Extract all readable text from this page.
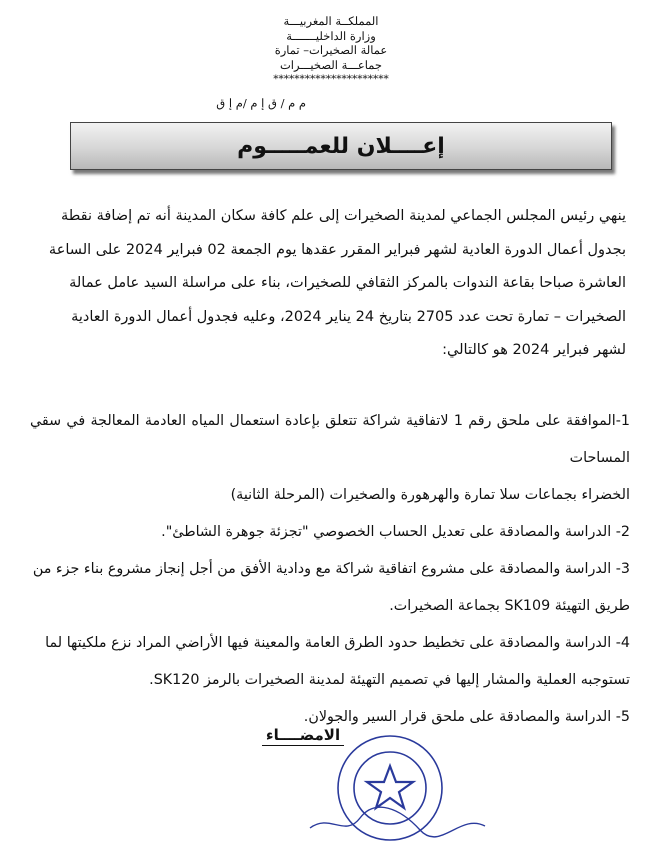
المملكــة المغربيـــة
وزارة الداخليـــــــة
عمالة الصخيرات– تمارة
جماعـــة الصخيـــرات
**********************
م م / ق إ م /م إ ق
إعــــلان للعمـــــوم

ينهي رئيس المجلس الجماعي لمدينة الصخيرات إلى علم كافة سكان المدينة أنه تم إضافة نقطة

بجدول أعمال الدورة العادية لشهر فبراير المقرر عقدها يوم الجمعة 02 فبراير 2024 على الساعة

العاشرة صباحا بقاعة الندوات بالمركز الثقافي للصخيرات، بناء على مراسلة السيد عامل عمالة

الصخيرات – تمارة تحت عدد 2705 بتاريخ 24 يناير 2024، وعليه فجدول أعمال الدورة العادية

لشهر فبراير 2024 هو كالتالي:

1-الموافقة على ملحق رقم 1 لاتفاقية شراكة تتعلق بإعادة استعمال المياه العادمة المعالجة في سقي المساحات

الخضراء بجماعات سلا تمارة والهرهورة والصخيرات (المرحلة الثانية)

2- الدراسة والمصادقة على تعديل الحساب الخصوصي "تجزئة جوهرة الشاطئ".

3- الدراسة والمصادقة على مشروع اتفاقية شراكة مع ودادية الأفق من أجل إنجاز مشروع بناء جزء من

طريق التهيئة SK109 بجماعة الصخيرات.

4- الدراسة والمصادقة على تخطيط حدود الطرق العامة والمعينة فيها الأراضي المراد نزع ملكيتها لما

تستوجبه العملية والمشار إليها في تصميم التهيئة لمدينة الصخيرات بالرمز SK120.

5- الدراسة والمصادقة على ملحق قرار السير والجولان.

الامضــــاء
